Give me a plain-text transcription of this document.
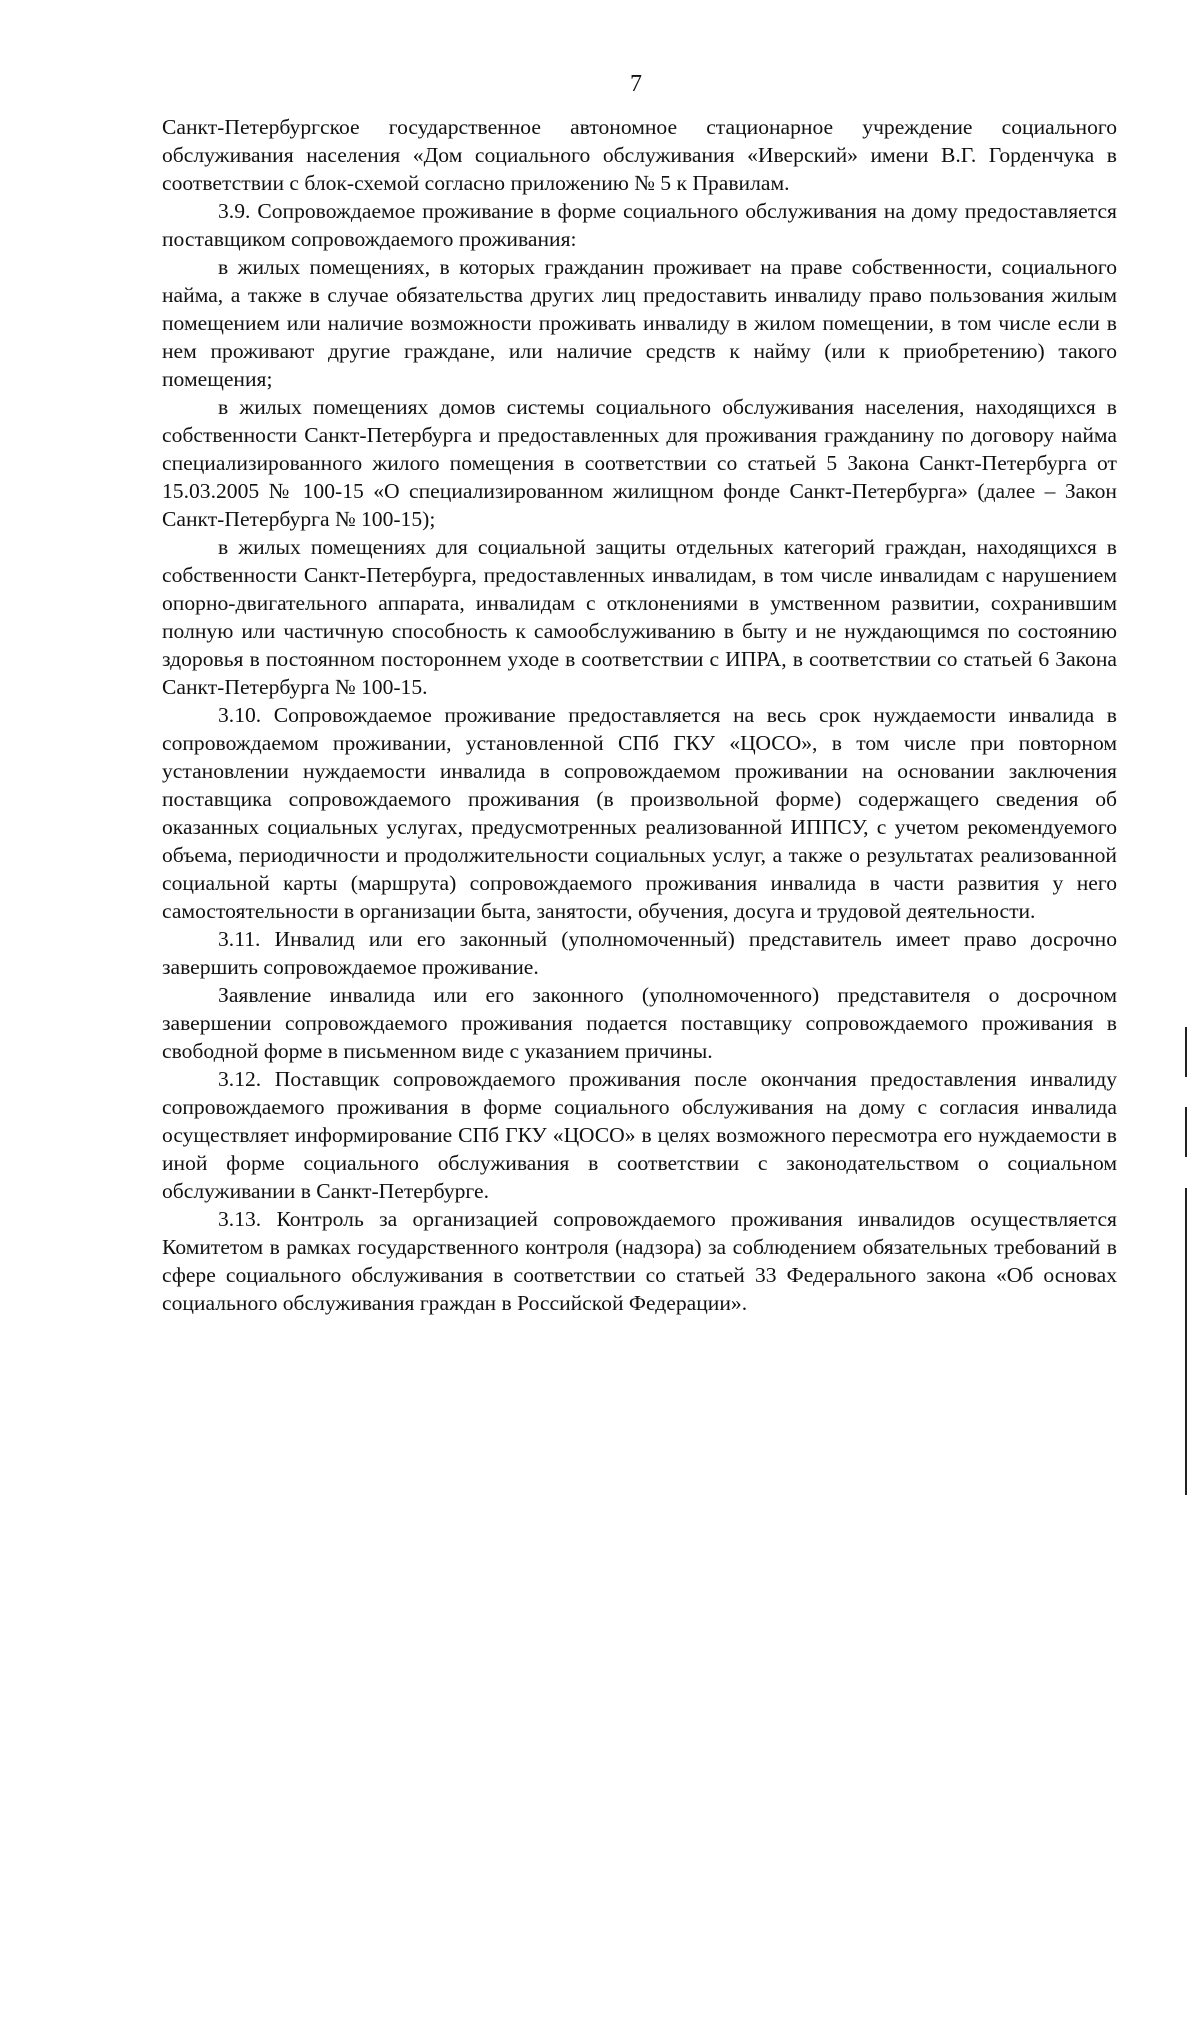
7

Санкт-Петербургское государственное автономное стационарное учреждение социального обслуживания населения «Дом социального обслуживания «Иверский» имени В.Г. Горденчука в соответствии с блок-схемой согласно приложению № 5 к Правилам.

3.9. Сопровождаемое проживание в форме социального обслуживания на дому предоставляется поставщиком сопровождаемого проживания:

в жилых помещениях, в которых гражданин проживает на праве собственности, социального найма, а также в случае обязательства других лиц предоставить инвалиду право пользования жилым помещением или наличие возможности проживать инвалиду в жилом помещении, в том числе если в нем проживают другие граждане, или наличие средств к найму (или к приобретению) такого помещения;

в жилых помещениях домов системы социального обслуживания населения, находящихся в собственности Санкт-Петербурга и предоставленных для проживания гражданину по договору найма специализированного жилого помещения в соответствии со статьей 5 Закона Санкт-Петербурга от 15.03.2005 № 100-15 «О специализированном жилищном фонде Санкт-Петербурга» (далее – Закон Санкт-Петербурга № 100-15);

в жилых помещениях для социальной защиты отдельных категорий граждан, находящихся в собственности Санкт-Петербурга, предоставленных инвалидам, в том числе инвалидам с нарушением опорно-двигательного аппарата, инвалидам с отклонениями в умственном развитии, сохранившим полную или частичную способность к самообслуживанию в быту и не нуждающимся по состоянию здоровья в постоянном постороннем уходе в соответствии с ИПРА, в соответствии со статьей 6 Закона Санкт-Петербурга № 100-15.

3.10. Сопровождаемое проживание предоставляется на весь срок нуждаемости инвалида в сопровождаемом проживании, установленной СПб ГКУ «ЦОСО», в том числе при повторном установлении нуждаемости инвалида в сопровождаемом проживании на основании заключения поставщика сопровождаемого проживания (в произвольной форме) содержащего сведения об оказанных социальных услугах, предусмотренных реализованной ИППСУ, с учетом рекомендуемого объема, периодичности и продолжительности социальных услуг, а также о результатах реализованной социальной карты (маршрута) сопровождаемого проживания инвалида в части развития у него самостоятельности в организации быта, занятости, обучения, досуга и трудовой деятельности.

3.11. Инвалид или его законный (уполномоченный) представитель имеет право досрочно завершить сопровождаемое проживание.

Заявление инвалида или его законного (уполномоченного) представителя о досрочном завершении сопровождаемого проживания подается поставщику сопровождаемого проживания в свободной форме в письменном виде с указанием причины.

3.12. Поставщик сопровождаемого проживания после окончания предоставления инвалиду сопровождаемого проживания в форме социального обслуживания на дому с согласия инвалида осуществляет информирование СПб ГКУ «ЦОСО» в целях возможного пересмотра его нуждаемости в иной форме социального обслуживания в соответствии с законодательством о социальном обслуживании в Санкт-Петербурге.

3.13. Контроль за организацией сопровождаемого проживания инвалидов осуществляется Комитетом в рамках государственного контроля (надзора) за соблюдением обязательных требований в сфере социального обслуживания в соответствии со статьей 33 Федерального закона «Об основах социального обслуживания граждан в Российской Федерации».
